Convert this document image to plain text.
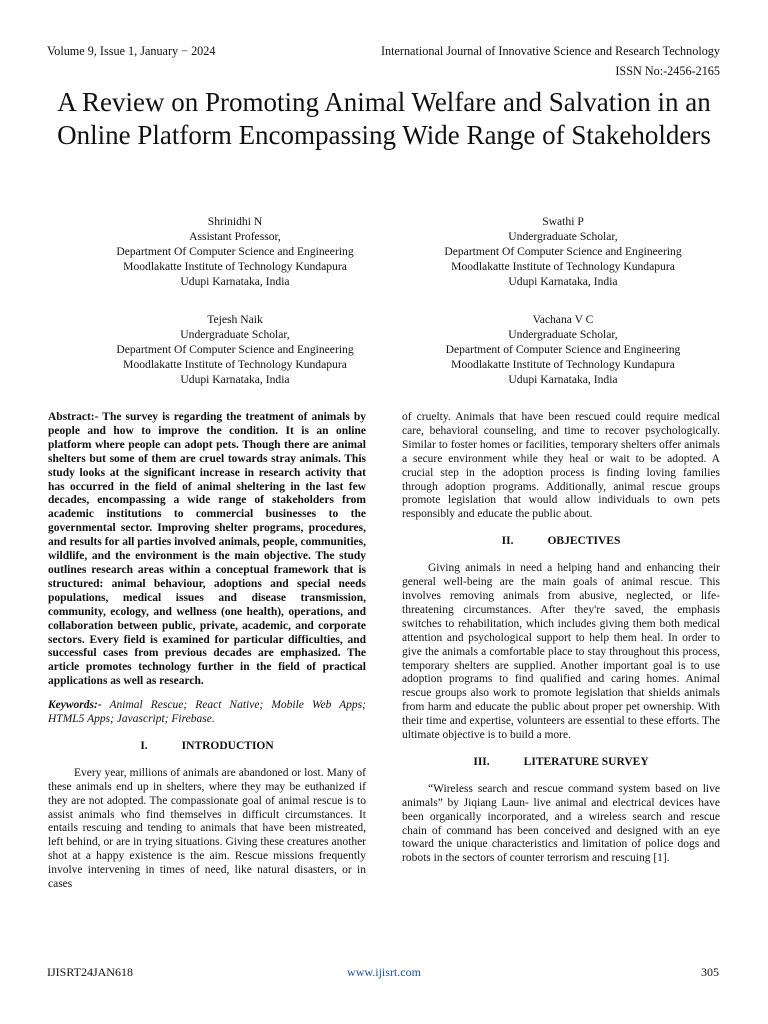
Volume 9, Issue 1, January − 2024	International Journal of Innovative Science and Research Technology
ISSN No:-2456-2165
A Review on Promoting Animal Welfare and Salvation in an Online Platform Encompassing Wide Range of Stakeholders
Shrinidhi N
Assistant Professor,
Department Of Computer Science and Engineering
Moodlakatte Institute of Technology Kundapura
Udupi Karnataka, India
Swathi P
Undergraduate Scholar,
Department Of Computer Science and Engineering
Moodlakatte Institute of Technology Kundapura
Udupi Karnataka, India
Tejesh Naik
Undergraduate Scholar,
Department Of Computer Science and Engineering
Moodlakatte Institute of Technology Kundapura
Udupi Karnataka, India
Vachana V C
Undergraduate Scholar,
Department of Computer Science and Engineering
Moodlakatte Institute of Technology Kundapura
Udupi Karnataka, India

Abstract:- The survey is regarding the treatment of animals by people and how to improve the condition. It is an online platform where people can adopt pets. Though there are animal shelters but some of them are cruel towards stray animals. This study looks at the significant increase in research activity that has occurred in the field of animal sheltering in the last few decades, encompassing a wide range of stakeholders from academic institutions to commercial businesses to the governmental sector. Improving shelter programs, procedures, and results for all parties involved animals, people, communities, wildlife, and the environment is the main objective. The study outlines research areas within a conceptual framework that is structured: animal behaviour, adoptions and special needs populations, medical issues and disease transmission, community, ecology, and wellness (one health), operations, and collaboration between public, private, academic, and corporate sectors. Every field is examined for particular difficulties, and successful cases from previous decades are emphasized. The article promotes technology further in the field of practical applications as well as research.

Keywords:- Animal Rescue; React Native; Mobile Web Apps; HTML5 Apps; Javascript; Firebase.

I.	INTRODUCTION

Every year, millions of animals are abandoned or lost. Many of these animals end up in shelters, where they may be euthanized if they are not adopted. The compassionate goal of animal rescue is to assist animals who find themselves in difficult circumstances. It entails rescuing and tending to animals that have been mistreated, left behind, or are in trying situations. Giving these creatures another shot at a happy existence is the aim. Rescue missions frequently involve intervening in times of need, like natural disasters, or in cases

of cruelty. Animals that have been rescued could require medical care, behavioral counseling, and time to recover psychologically. Similar to foster homes or facilities, temporary shelters offer animals a secure environment while they heal or wait to be adopted. A crucial step in the adoption process is finding loving families through adoption programs. Additionally, animal rescue groups promote legislation that would allow individuals to own pets responsibly and educate the public about.

II.	OBJECTIVES

Giving animals in need a helping hand and enhancing their general well-being are the main goals of animal rescue. This involves removing animals from abusive, neglected, or life-threatening circumstances. After they're saved, the emphasis switches to rehabilitation, which includes giving them both medical attention and psychological support to help them heal. In order to give the animals a comfortable place to stay throughout this process, temporary shelters are supplied. Another important goal is to use adoption programs to find qualified and caring homes. Animal rescue groups also work to promote legislation that shields animals from harm and educate the public about proper pet ownership. With their time and expertise, volunteers are essential to these efforts. The ultimate objective is to build a more.

III.	LITERATURE SURVEY

“Wireless search and rescue command system based on live animals” by Jiqiang Laun- live animal and electrical devices have been organically incorporated, and a wireless search and rescue chain of command has been conceived and designed with an eye toward the unique characteristics and limitation of police dogs and robots in the sectors of counter terrorism and rescuing [1].

IJISRT24JAN618	www.ijisrt.com	305
